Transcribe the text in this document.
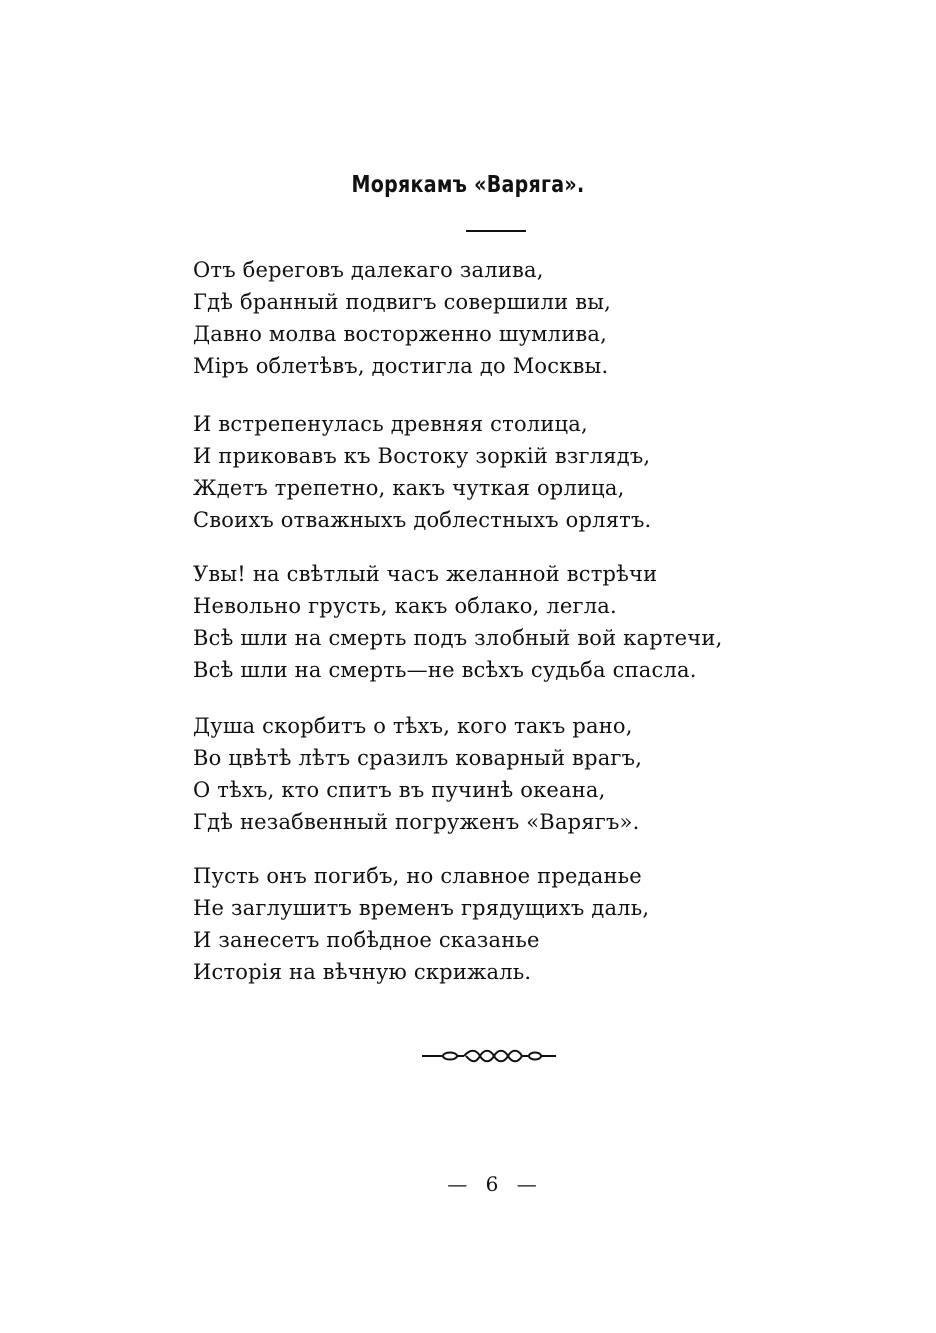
Морякамъ «Варяга».
Отъ береговъ далекаго залива,
Гдѣ бранный подвигъ совершили вы,
Давно молва восторженно шумлива,
Міръ облетѣвъ, достигла до Москвы.
И встрепенулась древняя столица,
И приковавъ къ Востоку зоркій взглядъ,
Ждетъ трепетно, какъ чуткая орлица,
Своихъ отважныхъ доблестныхъ орлятъ.
Увы! на свѣтлый часъ желанной встрѣчи
Невольно грусть, какъ облако, легла.
Всѣ шли на смерть подъ злобный вой картечи,
Всѣ шли на смерть—не всѣхъ судьба спасла.
Душа скорбитъ о тѣхъ, кого такъ рано,
Во цвѣтѣ лѣтъ сразилъ коварный врагъ,
О тѣхъ, кто спитъ въ пучинѣ океана,
Гдѣ незабвенный погруженъ «Варягъ».
Пусть онъ погибъ, но славное преданье
Не заглушитъ временъ грядущихъ даль,
И занесетъ побѣдное сказанье
Исторія на вѣчную скрижаль.
— 6 —
